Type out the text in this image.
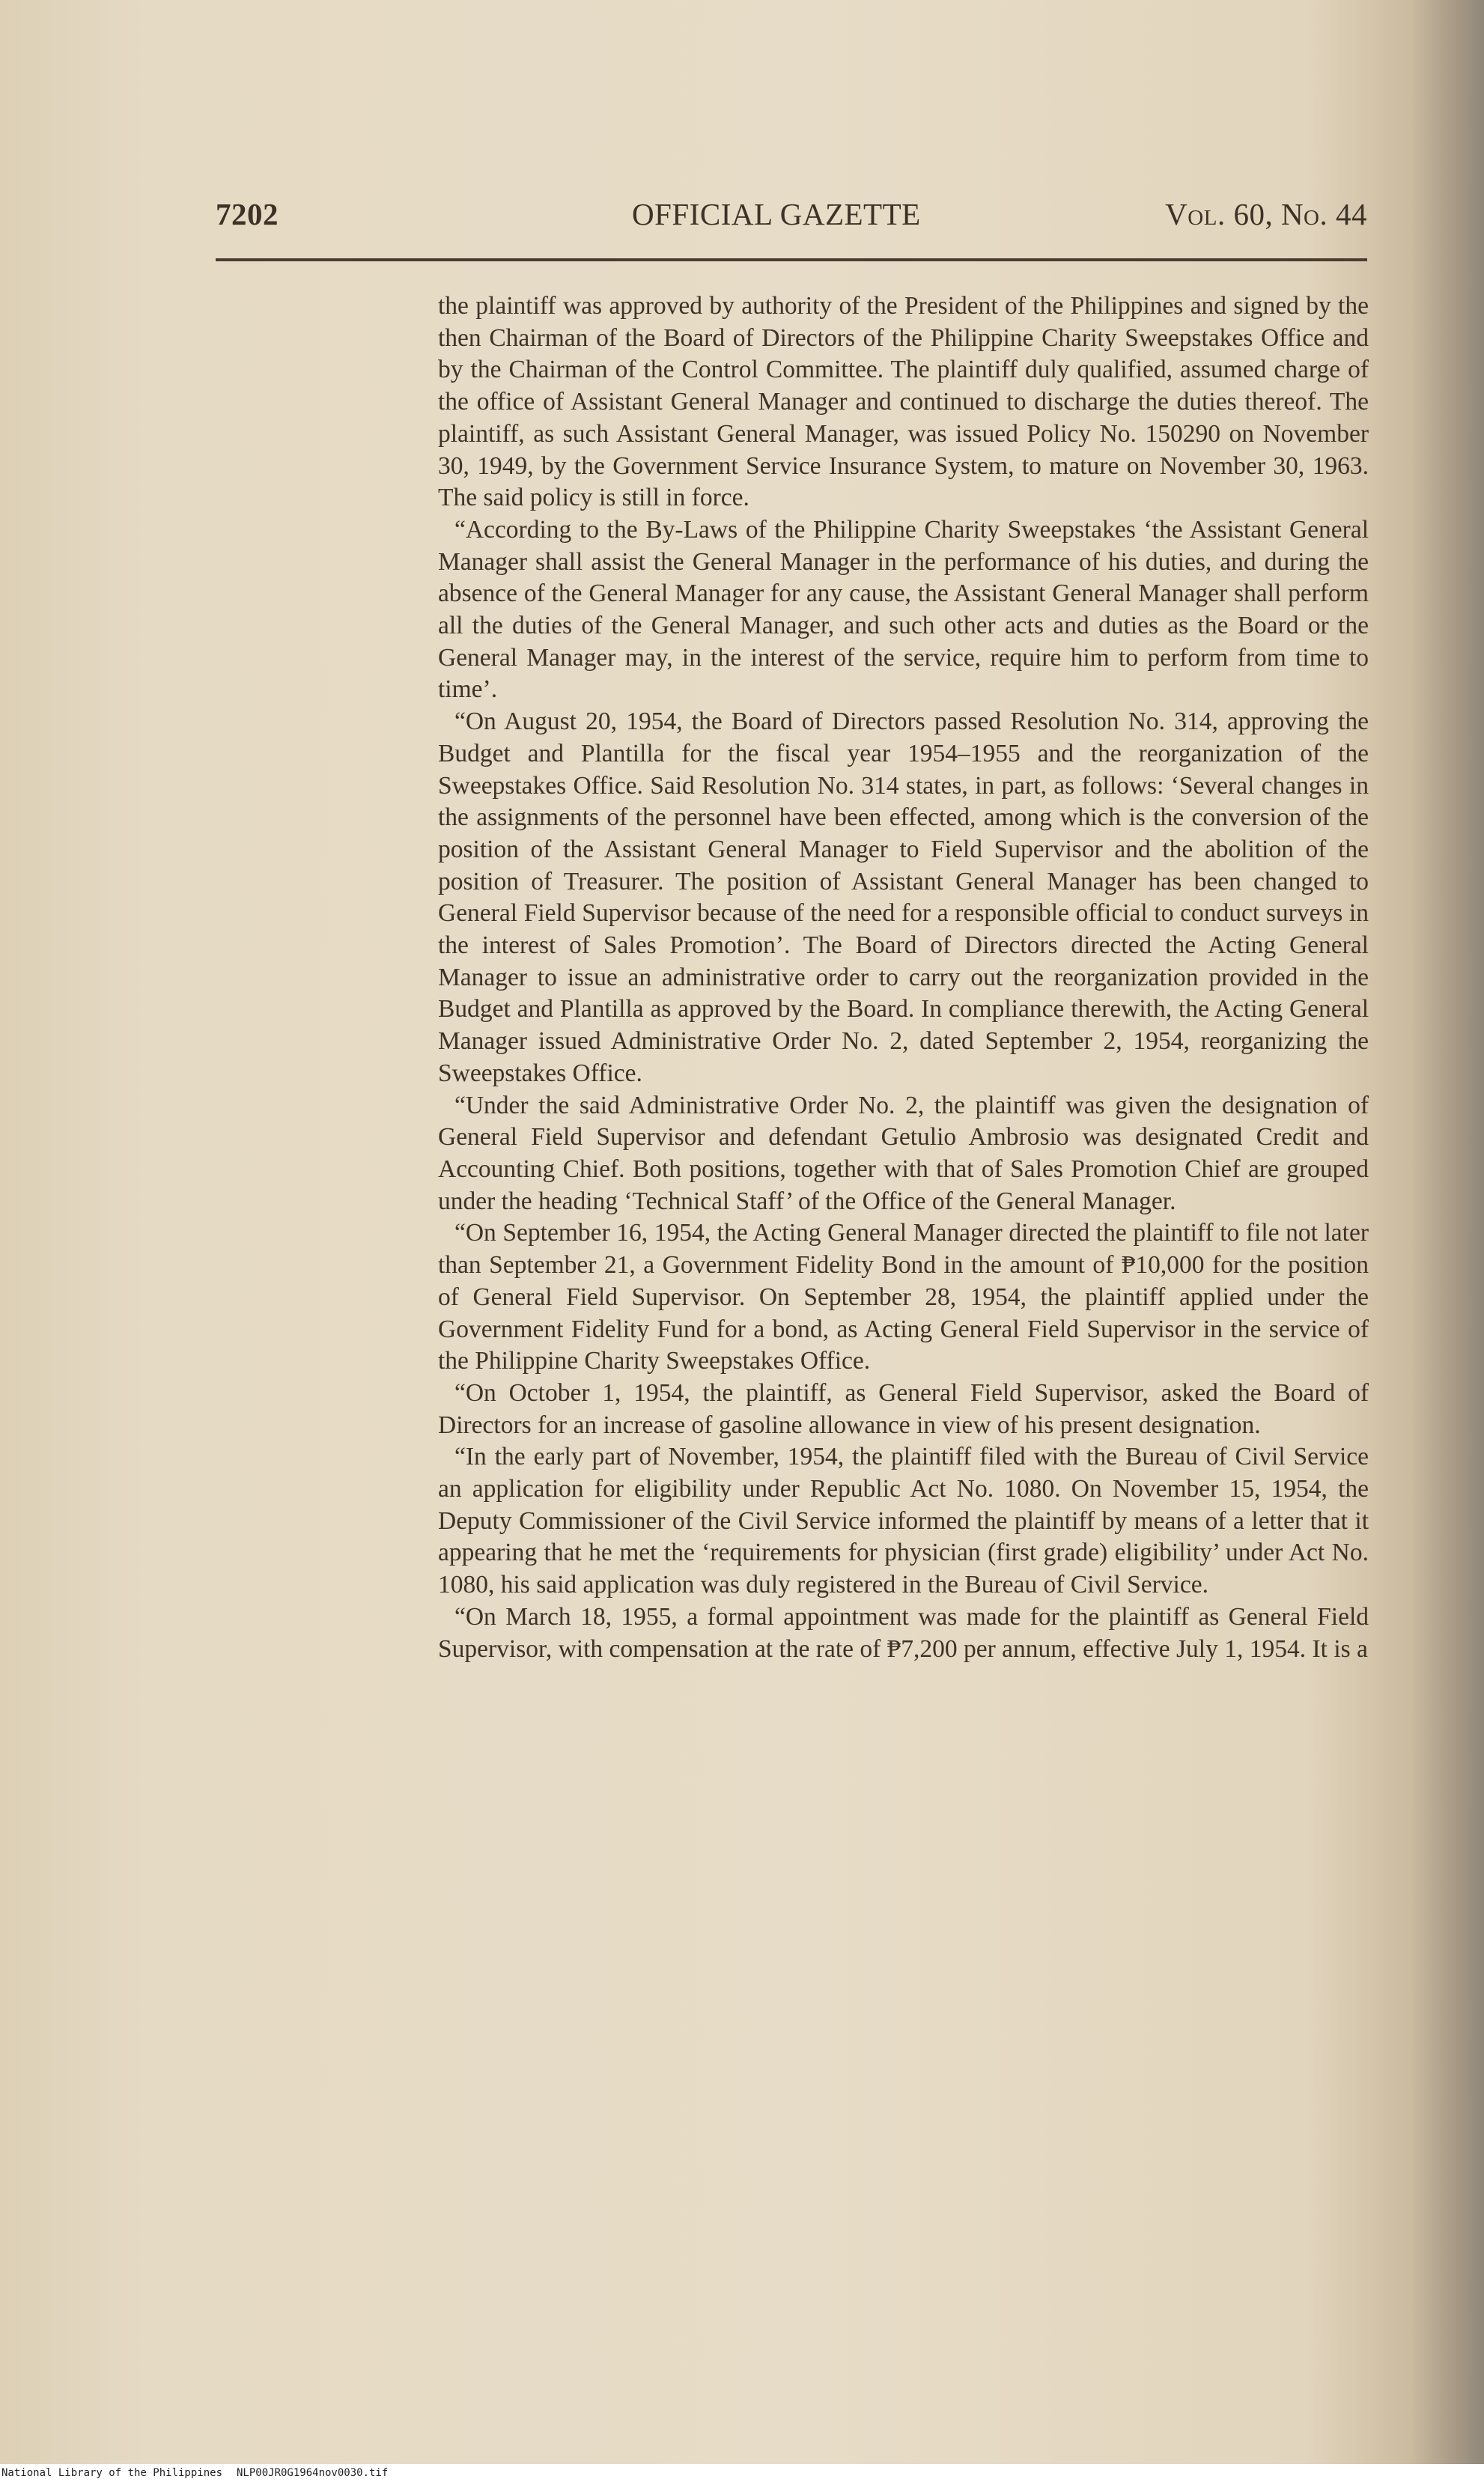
7202	OFFICIAL GAZETTE	Vol. 60, No. 44

the plaintiff was approved by authority of the President of the Philippines and signed by the then Chairman of the Board of Directors of the Philippine Charity Sweepstakes Office and by the Chairman of the Control Committee. The plaintiff duly qualified, assumed charge of the office of Assistant General Manager and continued to discharge the duties thereof. The plaintiff, as such Assistant General Manager, was issued Policy No. 150290 on November 30, 1949, by the Government Service Insurance System, to mature on November 30, 1963. The said policy is still in force.

“According to the By-Laws of the Philippine Charity Sweepstakes ‘the Assistant General Manager shall assist the General Manager in the performance of his duties, and during the absence of the General Manager for any cause, the Assistant General Manager shall perform all the duties of the General Manager, and such other acts and duties as the Board or the General Manager may, in the interest of the service, require him to perform from time to time’.

“On August 20, 1954, the Board of Directors passed Resolution No. 314, approving the Budget and Plantilla for the fiscal year 1954–1955 and the reorganization of the Sweepstakes Office. Said Resolution No. 314 states, in part, as follows: ‘Several changes in the assignments of the personnel have been effected, among which is the conversion of the position of the Assistant General Manager to Field Supervisor and the abolition of the position of Treasurer. The position of Assistant General Manager has been changed to General Field Supervisor because of the need for a responsible official to conduct surveys in the interest of Sales Promotion’. The Board of Directors directed the Acting General Manager to issue an administrative order to carry out the reorganization provided in the Budget and Plantilla as approved by the Board. In compliance therewith, the Acting General Manager issued Administrative Order No. 2, dated September 2, 1954, reorganizing the Sweepstakes Office.

“Under the said Administrative Order No. 2, the plaintiff was given the designation of General Field Supervisor and defendant Getulio Ambrosio was designated Credit and Accounting Chief. Both positions, together with that of Sales Promotion Chief are grouped under the heading ‘Technical Staff’ of the Office of the General Manager.

“On September 16, 1954, the Acting General Manager directed the plaintiff to file not later than September 21, a Government Fidelity Bond in the amount of ₱10,000 for the position of General Field Supervisor. On September 28, 1954, the plaintiff applied under the Government Fidelity Fund for a bond, as Acting General Field Supervisor in the service of the Philippine Charity Sweepstakes Office.

“On October 1, 1954, the plaintiff, as General Field Supervisor, asked the Board of Directors for an increase of gasoline allowance in view of his present designation.

“In the early part of November, 1954, the plaintiff filed with the Bureau of Civil Service an application for eligibility under Republic Act No. 1080. On November 15, 1954, the Deputy Commissioner of the Civil Service informed the plaintiff by means of a letter that it appearing that he met the ‘requirements for physician (first grade) eligibility’ under Act No. 1080, his said application was duly registered in the Bureau of Civil Service.

“On March 18, 1955, a formal appointment was made for the plaintiff as General Field Supervisor, with compensation at the rate of ₱7,200 per annum, effective July 1, 1954. It is a

National Library of the Philippines NLP00JR0G1964nov0030.tif
